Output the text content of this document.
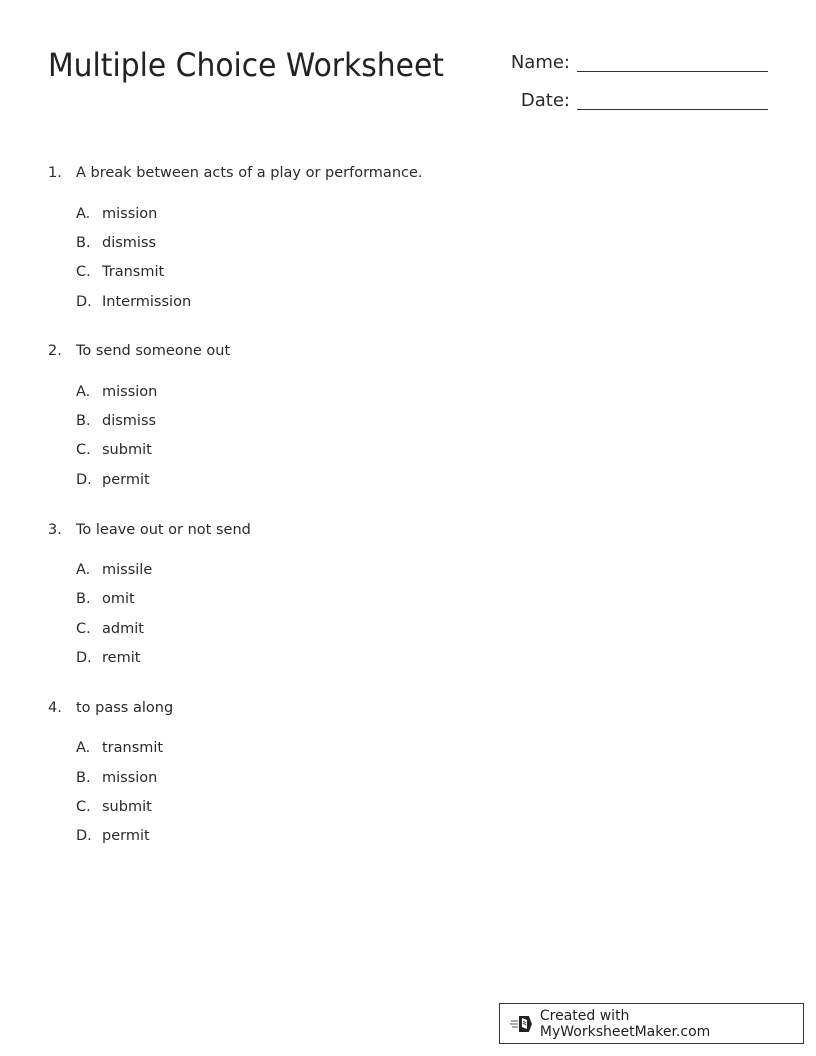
Multiple Choice Worksheet	Name:
Date:
1. A break between acts of a play or performance.
A. mission
B. dismiss
C. Transmit
D. Intermission
2. To send someone out
A. mission
B. dismiss
C. submit
D. permit
3. To leave out or not send
A. missile
B. omit
C. admit
D. remit
4. to pass along
A. transmit
B. mission
C. submit
D. permit
Created with MyWorksheetMaker.com
